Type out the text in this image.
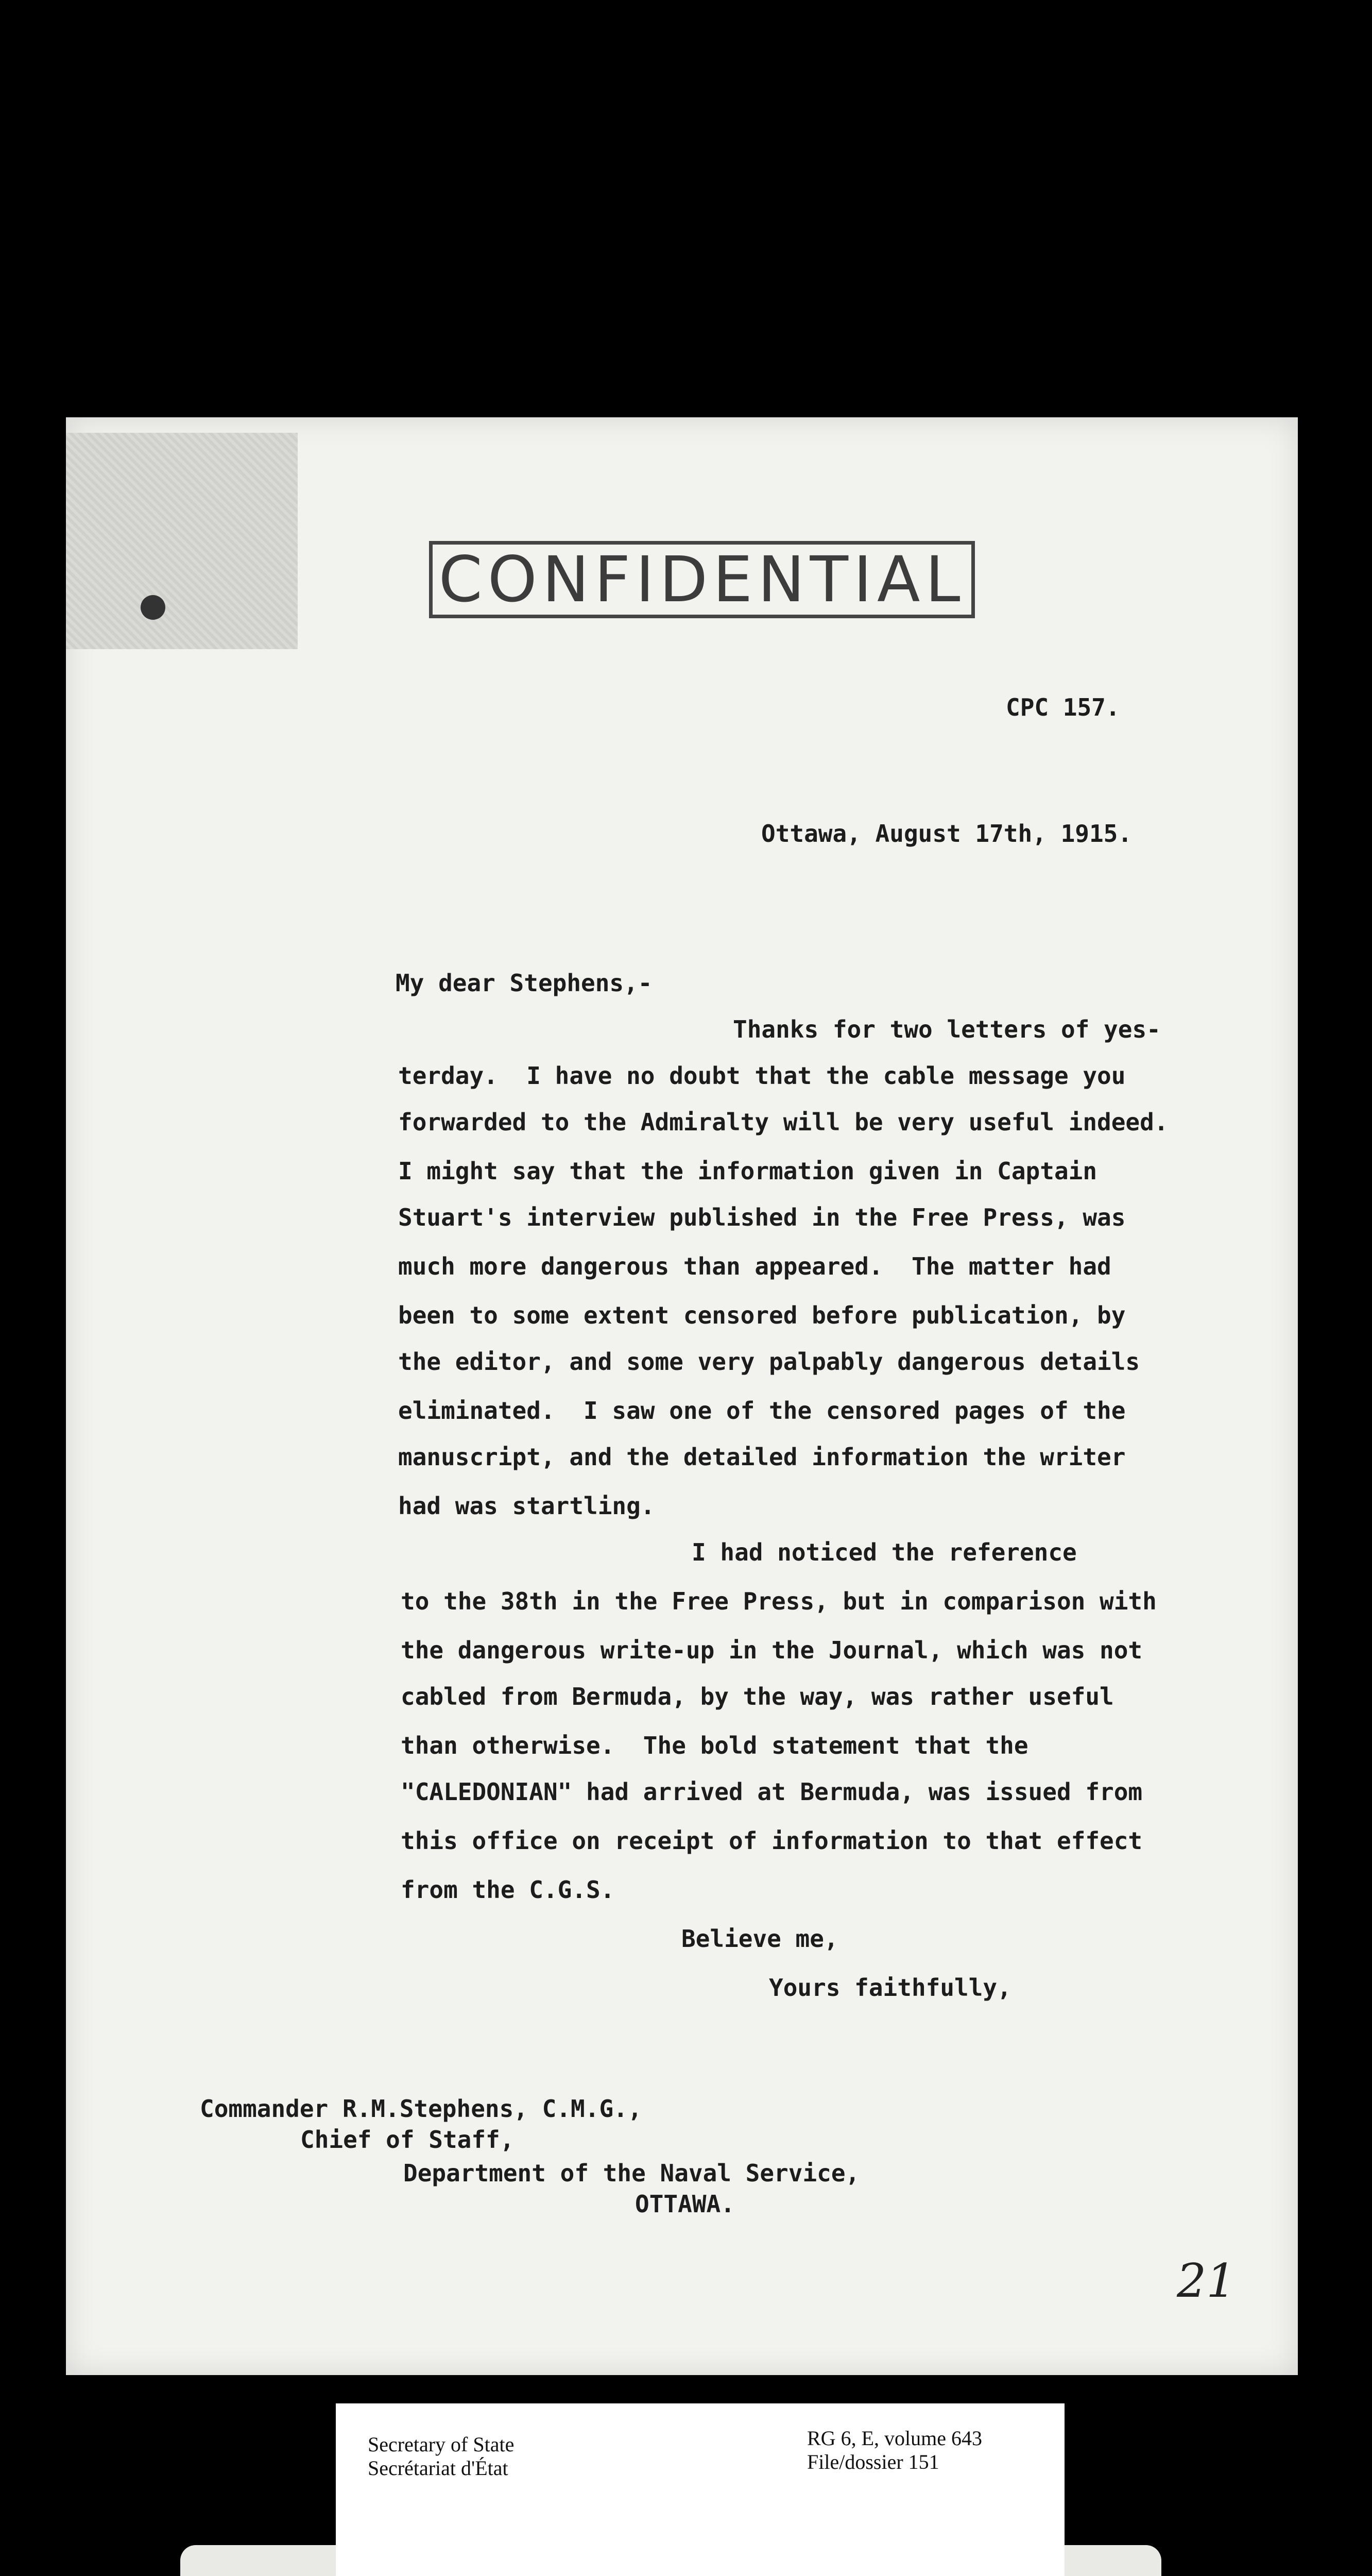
CONFIDENTIAL
CPC 157.
Ottawa, August 17th, 1915.
My dear Stephens,-
Thanks for two letters of yes-
terday.  I have no doubt that the cable message you
forwarded to the Admiralty will be very useful indeed.
I might say that the information given in Captain
Stuart's interview published in the Free Press, was
much more dangerous than appeared.  The matter had
been to some extent censored before publication, by
the editor, and some very palpably dangerous details
eliminated.  I saw one of the censored pages of the
manuscript, and the detailed information the writer
had was startling.
I had noticed the reference
to the 38th in the Free Press, but in comparison with
the dangerous write-up in the Journal, which was not
cabled from Bermuda, by the way, was rather useful
than otherwise.  The bold statement that the
"CALEDONIAN" had arrived at Bermuda, was issued from
this office on receipt of information to that effect
from the C.G.S.
Believe me,
Yours faithfully,
Commander R.M.Stephens, C.M.G.,
Chief of Staff,
Department of the Naval Service,
OTTAWA.
21
Secretary of State
Secrétariat d'État
RG 6, E, volume 643
File/dossier 151
